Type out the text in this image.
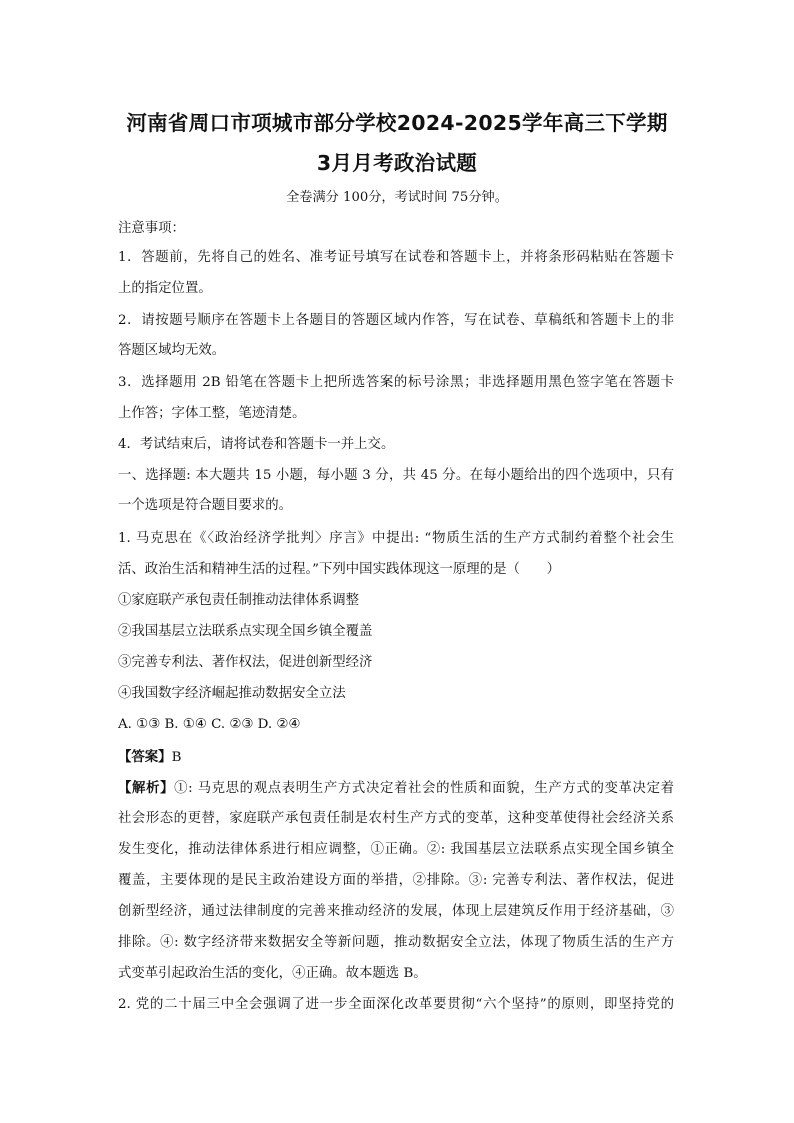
河南省周口市项城市部分学校2024-2025学年高三下学期
3月月考政治试题
全卷满分 100分，考试时间 75分钟。
注意事项：
1．答题前，先将自己的姓名、准考证号填写在试卷和答题卡上，并将条形码粘贴在答题卡
上的指定位置。
2．请按题号顺序在答题卡上各题目的答题区域内作答，写在试卷、草稿纸和答题卡上的非
答题区域均无效。
3．选择题用 2B 铅笔在答题卡上把所选答案的标号涂黑；非选择题用黑色签字笔在答题卡
上作答；字体工整，笔迹清楚。
4．考试结束后，请将试卷和答题卡一并上交。
一、选择题: 本大题共 15 小题，每小题 3 分，共 45 分。在每小题给出的四个选项中，只有
一个选项是符合题目要求的。
1. 马克思在《〈政治经济学批判〉序言》中提出: “物质生活的生产方式制约着整个社会生
活、政治生活和精神生活的过程。”下列中国实践体现这一原理的是（　　）
①家庭联产承包责任制推动法律体系调整
②我国基层立法联系点实现全国乡镇全覆盖
③完善专利法、著作权法，促进创新型经济
④我国数字经济崛起推动数据安全立法
A. ①③ B. ①④ C. ②③ D. ②④
【答案】B
【解析】①: 马克思的观点表明生产方式决定着社会的性质和面貌，生产方式的变革决定着
社会形态的更替，家庭联产承包责任制是农村生产方式的变革，这种变革使得社会经济关系
发生变化，推动法律体系进行相应调整，①正确。②: 我国基层立法联系点实现全国乡镇全
覆盖，主要体现的是民主政治建设方面的举措，②排除。③: 完善专利法、著作权法，促进
创新型经济，通过法律制度的完善来推动经济的发展，体现上层建筑反作用于经济基础，③
排除。④: 数字经济带来数据安全等新问题，推动数据安全立法，体现了物质生活的生产方
式变革引起政治生活的变化，④正确。故本题选 B。
2. 党的二十届三中全会强调了进一步全面深化改革要贯彻“六个坚持”的原则，即坚持党的
